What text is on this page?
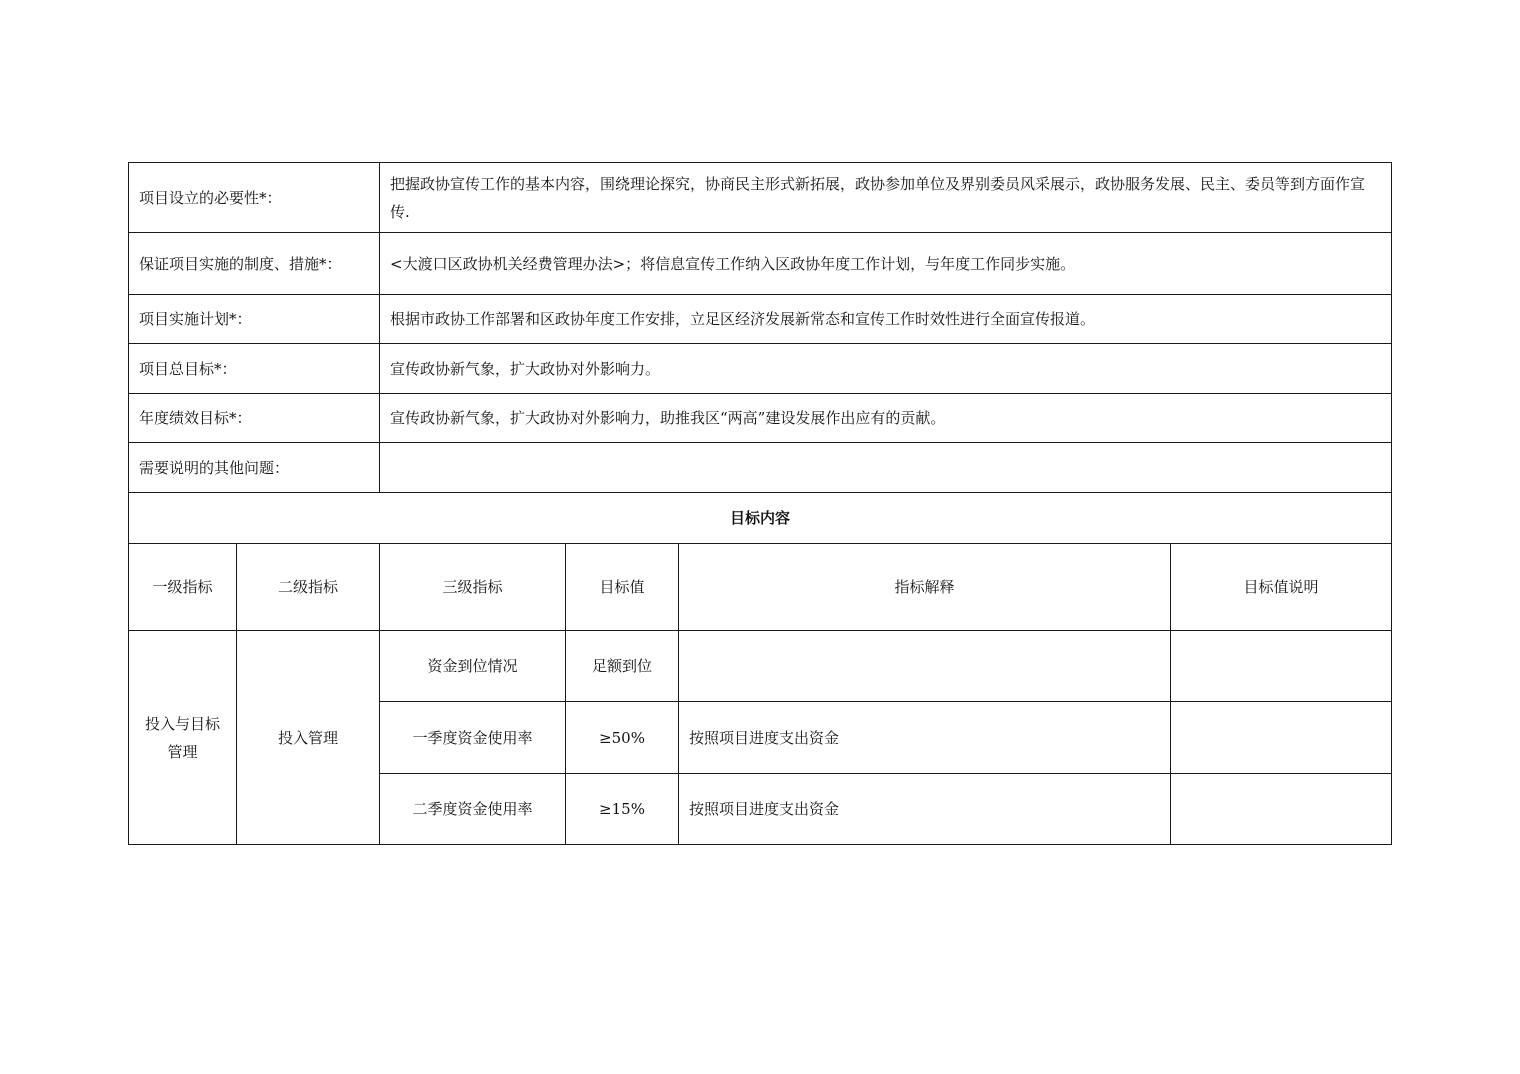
项目设立的必要性*：		把握政协宣传工作的基本内容，围绕理论探究，协商民主形式新拓展，政协参加单位及界别委员风采展示，政协服务发展、民主、委员等到方面作宣传.			
保证项目实施的制度、措施*：		<大渡口区政协机关经费管理办法>；将信息宣传工作纳入区政协年度工作计划，与年度工作同步实施。			
项目实施计划*：		根据市政协工作部署和区政协年度工作安排，立足区经济发展新常态和宣传工作时效性进行全面宣传报道。			
项目总目标*：		宣传政协新气象，扩大政协对外影响力。			
年度绩效目标*：		宣传政协新气象，扩大政协对外影响力，助推我区“两高”建设发展作出应有的贡献。			
需要说明的其他问题：					
目标内容					
一级指标	二级指标	三级指标	目标值	指标解释	目标值说明
投入与目标管理	投入管理	资金到位情况	足额到位		
		一季度资金使用率	≥50%	按照项目进度支出资金	
		二季度资金使用率	≥15%	按照项目进度支出资金	
